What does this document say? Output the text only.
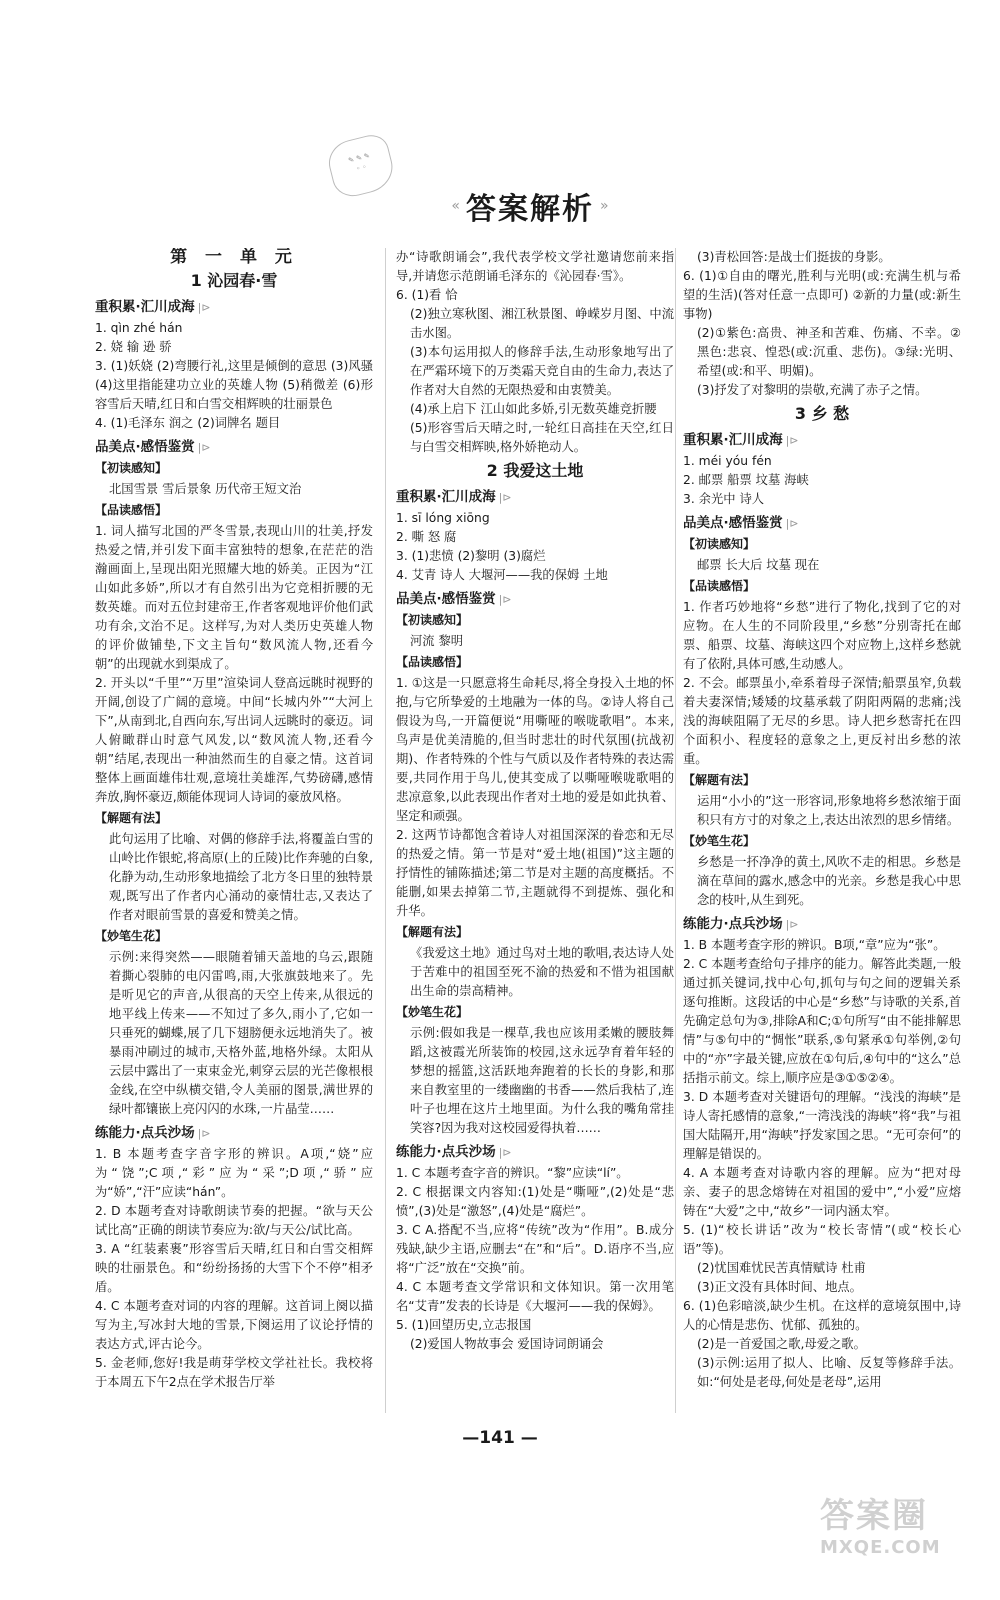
✎ ✎ ✎
◦ ◦
« 答案解析 »
第 一 单 元
1 沁园春·雪
重积累·汇川成海 |⊳
1. qìn zhé hán
2. 娆 输 逊 骄
3. (1)妖娆 (2)弯腰行礼,这里是倾倒的意思 (3)风骚 (4)这里指能建功立业的英雄人物 (5)稍微差 (6)形容雪后天晴,红日和白雪交相辉映的壮丽景色
4. (1)毛泽东 润之 (2)词牌名 题目
品美点·感悟鉴赏 |⊳
【初读感知】
北国雪景 雪后景象 历代帝王短文治
【品读感悟】
1. 词人描写北国的严冬雪景,表现山川的壮美,抒发热爱之情,并引发下面丰富独特的想象,在茫茫的浩瀚画面上,呈现出阳光照耀大地的娇美。正因为“江山如此多娇”,所以才有自然引出为它竞相折腰的无数英雄。而对五位封建帝王,作者客观地评价他们武功有余,文治不足。这样写,为对人类历史英雄人物的评价做铺垫,下文主旨句“数风流人物,还看今朝”的出现就水到渠成了。
2. 开头以“千里”“万里”渲染词人登高远眺时视野的开阔,创设了广阔的意境。中间“长城内外”“大河上下”,从南到北,自西向东,写出词人远眺时的豪迈。词人俯瞰群山时意气风发,以“数风流人物,还看今朝”结尾,表现出一种油然而生的自豪之情。这首词整体上画面雄伟壮观,意境壮美雄浑,气势磅礴,感情奔放,胸怀豪迈,颇能体现词人诗词的豪放风格。
【解题有法】
此句运用了比喻、对偶的修辞手法,将覆盖白雪的山岭比作银蛇,将高原(上的丘陵)比作奔驰的白象,化静为动,生动形象地描绘了北方冬日里的独特景观,既写出了作者内心涌动的豪情壮志,又表达了作者对眼前雪景的喜爱和赞美之情。
【妙笔生花】
示例:来得突然——眼随着铺天盖地的乌云,跟随着撕心裂肺的电闪雷鸣,雨,大张旗鼓地来了。先是听见它的声音,从很高的天空上传来,从很远的地平线上传来——不知过了多久,雨小了,它如一只垂死的蝴蝶,展了几下翅膀便永远地消失了。被暴雨冲刷过的城市,天格外蓝,地格外绿。太阳从云层中露出了一束束金光,刺穿云层的光芒像根根金线,在空中纵横交错,令人美丽的图景,满世界的绿叶都镶嵌上亮闪闪的水珠,一片晶莹……
练能力·点兵沙场 |⊳
1. B 本题考查字音字形的辨识。A项,“娆”应为“饶”;C项,“彩”应为“采”;D项,“骄”应为“娇”,“汗”应读“hán”。
2. D 本题考查对诗歌朗读节奏的把握。“欲与天公试比高”正确的朗读节奏应为:欲/与天公/试比高。
3. A “红装素裹”形容雪后天晴,红日和白雪交相辉映的壮丽景色。和“纷纷扬扬的大雪下个不停”相矛盾。
4. C 本题考查对词的内容的理解。这首词上阕以描写为主,写冰封大地的雪景,下阕运用了议论抒情的表达方式,评古论今。
5. 金老师,您好!我是萌芽学校文学社社长。我校将于本周五下午2点在学术报告厅举
办“诗歌朗诵会”,我代表学校文学社邀请您前来指导,并请您示范朗诵毛泽东的《沁园春·雪》。
6. (1)看 恰
(2)独立寒秋图、湘江秋景图、峥嵘岁月图、中流击水图。
(3)本句运用拟人的修辞手法,生动形象地写出了在严霜环境下的万类霜天竞自由的生命力,表达了作者对大自然的无限热爱和由衷赞美。
(4)承上启下 江山如此多娇,引无数英雄竞折腰
(5)形容雪后天晴之时,一轮红日高挂在天空,红日与白雪交相辉映,格外娇艳动人。
2 我爱这土地
重积累·汇川成海 |⊳
1. sī lóng xiōng
2. 嘶 怒 腐
3. (1)悲愤 (2)黎明 (3)腐烂
4. 艾青 诗人 大堰河——我的保姆 土地
品美点·感悟鉴赏 |⊳
【初读感知】
河流 黎明
【品读感悟】
1. ①这是一只愿意将生命耗尽,将全身投入土地的怀抱,与它所挚爱的土地融为一体的鸟。②诗人将自己假设为鸟,一开篇便说“用嘶哑的喉咙歌唱”。本来,鸟声是优美清脆的,但当时悲壮的时代氛围(抗战初期)、作者特殊的个性与气质以及作者特殊的表达需要,共同作用于鸟儿,使其变成了以嘶哑喉咙歌唱的悲凉意象,以此表现出作者对土地的爱是如此执着、坚定和顽强。
2. 这两节诗都饱含着诗人对祖国深深的眷恋和无尽的热爱之情。第一节是对“爱土地(祖国)”这主题的抒情性的铺陈描述;第二节是对主题的高度概括。不能删,如果去掉第二节,主题就得不到提炼、强化和升华。
【解题有法】
《我爱这土地》通过鸟对土地的歌唱,表达诗人处于苦难中的祖国至死不渝的热爱和不惜为祖国献出生命的崇高精神。
【妙笔生花】
示例:假如我是一棵草,我也应该用柔嫩的腰肢舞蹈,这被霞光所装饰的校园,这永远孕育着年轻的梦想的摇篮,这活跃地奔跑着的长长的身影,和那来自教室里的一缕幽幽的书香——然后我枯了,连叶子也埋在这片土地里面。为什么我的嘴角常挂笑容?因为我对这校园爱得执着……
练能力·点兵沙场 |⊳
1. C 本题考查字音的辨识。“黎”应读“lí”。
2. C 根据课文内容知:(1)处是“嘶哑”,(2)处是“悲愤”,(3)处是“激怒”,(4)处是“腐烂”。
3. C A.搭配不当,应将“传统”改为“作用”。B.成分残缺,缺少主语,应删去“在”和“后”。D.语序不当,应将“广泛”放在“交换”前。
4. C 本题考查文学常识和文体知识。第一次用笔名“艾青”发表的长诗是《大堰河——我的保姆》。
5. (1)回望历史,立志报国
(2)爱国人物故事会 爱国诗词朗诵会
(3)青松回答:是战士们挺拔的身影。
6. (1)①自由的曙光,胜利与光明(或:充满生机与希望的生活)(答对任意一点即可) ②新的力量(或:新生事物)
(2)①紫色:高贵、神圣和苦难、伤痛、不幸。②黑色:悲哀、惶恐(或:沉重、悲伤)。③绿:光明、希望(或:和平、明媚)。
(3)抒发了对黎明的崇敬,充满了赤子之情。
3 乡 愁
重积累·汇川成海 |⊳
1. méi yóu fén
2. 邮票 船票 坟墓 海峡
3. 余光中 诗人
品美点·感悟鉴赏 |⊳
【初读感知】
邮票 长大后 坟墓 现在
【品读感悟】
1. 作者巧妙地将“乡愁”进行了物化,找到了它的对应物。在人生的不同阶段里,“乡愁”分别寄托在邮票、船票、坟墓、海峡这四个对应物上,这样乡愁就有了依附,具体可感,生动感人。
2. 不会。邮票虽小,牵系着母子深情;船票虽窄,负载着夫妻深情;矮矮的坟墓承载了阴阳两隔的悲痛;浅浅的海峡阻隔了无尽的乡思。诗人把乡愁寄托在四个面积小、程度轻的意象之上,更反衬出乡愁的浓重。
【解题有法】
运用“小小的”这一形容词,形象地将乡愁浓缩于面积只有方寸的对象之上,表达出浓烈的思乡情绪。
【妙笔生花】
乡愁是一抔净净的黄土,风吹不走的相思。乡愁是滴在草间的露水,感念中的光亲。乡愁是我心中思念的枝叶,从生到死。
练能力·点兵沙场 |⊳
1. B 本题考查字形的辨识。B项,“章”应为“张”。
2. C 本题考查给句子排序的能力。解答此类题,一般通过抓关键词,找中心句,抓句与句之间的逻辑关系逐句推断。这段话的中心是“乡愁”与诗歌的关系,首先确定总句为③,排除A和C;①句所写“由不能排解思情”与⑤句中的“惆怅”联系,⑤句紧承①句举例,②句中的“亦”字最关键,应放在①句后,④句中的“这么”总括指示前文。综上,顺序应是③①⑤②④。
3. D 本题考查对关键语句的理解。“浅浅的海峡”是诗人寄托感情的意象,“一湾浅浅的海峡”将“我”与祖国大陆隔开,用“海峡”抒发家国之思。“无可奈何”的理解是错误的。
4. A 本题考查对诗歌内容的理解。应为“把对母亲、妻子的思念熔铸在对祖国的爱中”,“小爱”应熔铸在“大爱”之中,“故乡”一词内涵太窄。
5. (1)“校长讲话”改为“校长寄情”(或“校长心语”等)。
(2)忧国难忧民苦真情赋诗 杜甫
(3)正文没有具体时间、地点。
6. (1)色彩暗淡,缺少生机。在这样的意境氛围中,诗人的心情是悲伤、忧郁、孤独的。
(2)是一首爱国之歌,母爱之歌。
(3)示例:运用了拟人、比喻、反复等修辞手法。如:“何处是老母,何处是老母”,运用
—141 —
答案圈
MXQE.COM
